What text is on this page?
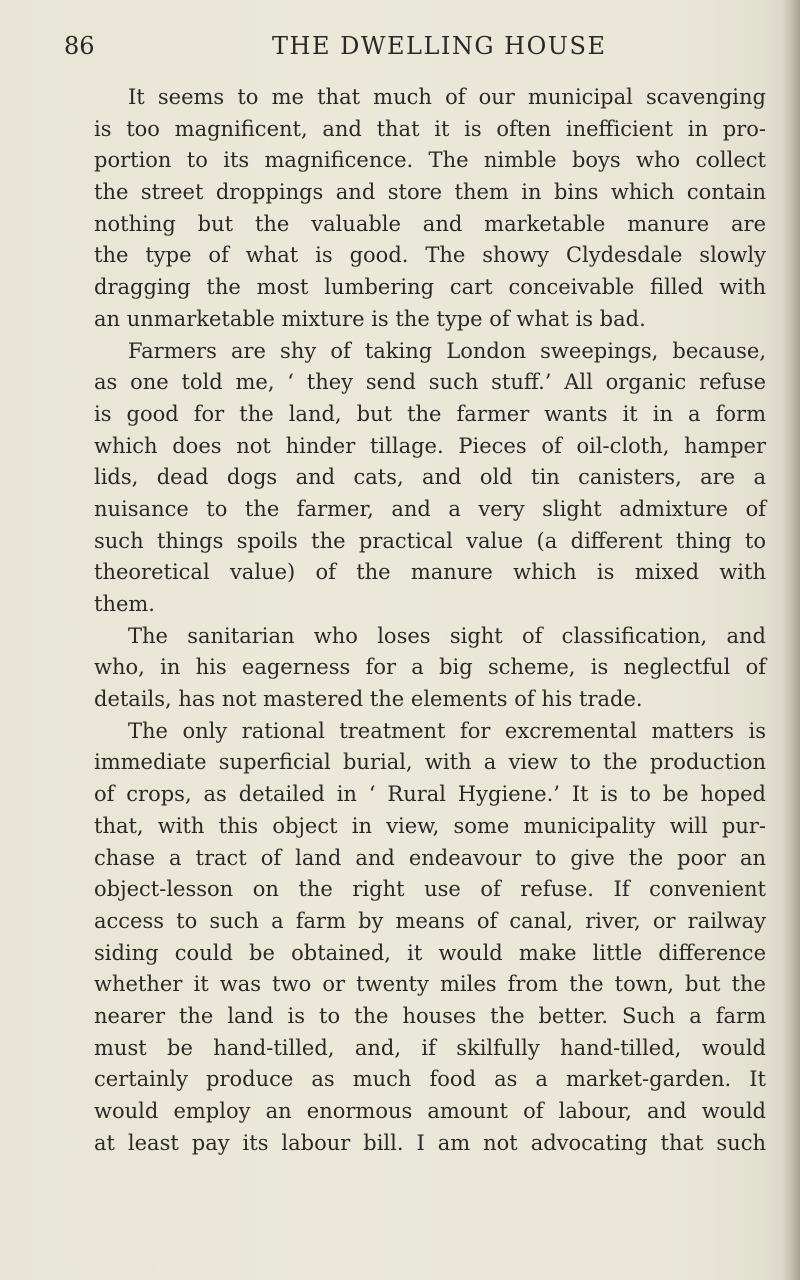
86	THE DWELLING HOUSE

It seems to me that much of our municipal scavenging
is too magnificent, and that it is often inefficient in pro-
portion to its magnificence. The nimble boys who collect
the street droppings and store them in bins which contain
nothing but the valuable and marketable manure are
the type of what is good. The showy Clydesdale slowly
dragging the most lumbering cart conceivable filled with
an unmarketable mixture is the type of what is bad.
Farmers are shy of taking London sweepings, because,
as one told me, ‘ they send such stuff.’ All organic refuse
is good for the land, but the farmer wants it in a form
which does not hinder tillage. Pieces of oil-cloth, hamper
lids, dead dogs and cats, and old tin canisters, are a
nuisance to the farmer, and a very slight admixture of
such things spoils the practical value (a different thing to
theoretical value) of the manure which is mixed with
them.
The sanitarian who loses sight of classification, and
who, in his eagerness for a big scheme, is neglectful of
details, has not mastered the elements of his trade.
The only rational treatment for excremental matters is
immediate superficial burial, with a view to the production
of crops, as detailed in ‘ Rural Hygiene.’ It is to be hoped
that, with this object in view, some municipality will pur-
chase a tract of land and endeavour to give the poor an
object-lesson on the right use of refuse. If convenient
access to such a farm by means of canal, river, or railway
siding could be obtained, it would make little difference
whether it was two or twenty miles from the town, but the
nearer the land is to the houses the better. Such a farm
must be hand-tilled, and, if skilfully hand-tilled, would
certainly produce as much food as a market-garden. It
would employ an enormous amount of labour, and would
at least pay its labour bill. I am not advocating that such
